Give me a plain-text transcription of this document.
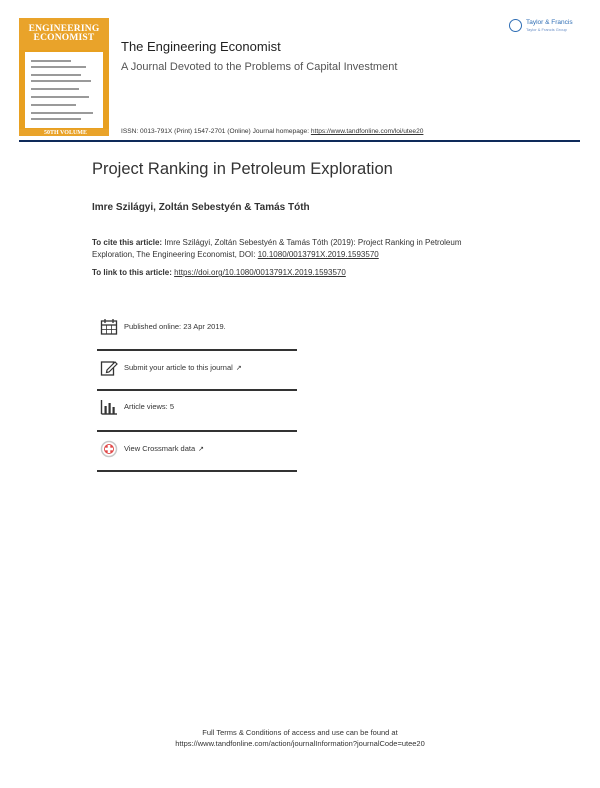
ENGINEERING
ECONOMIST
50TH VOLUME
Taylor & Francis
Taylor & Francis Group
The Engineering Economist
A Journal Devoted to the Problems of Capital Investment
ISSN: 0013-791X (Print) 1547-2701 (Online) Journal homepage: https://www.tandfonline.com/loi/utee20
Project Ranking in Petroleum Exploration
Imre Szilágyi, Zoltán Sebestyén & Tamás Tóth
To cite this article: Imre Szilágyi, Zoltán Sebestyén & Tamás Tóth (2019): Project Ranking in Petroleum Exploration, The Engineering Economist, DOI: 10.1080/0013791X.2019.1593570
To link to this article: https://doi.org/10.1080/0013791X.2019.1593570
Published online: 23 Apr 2019.
Submit your article to this journal ↗
Article views: 5
View Crossmark data ↗
Full Terms & Conditions of access and use can be found at
https://www.tandfonline.com/action/journalInformation?journalCode=utee20
